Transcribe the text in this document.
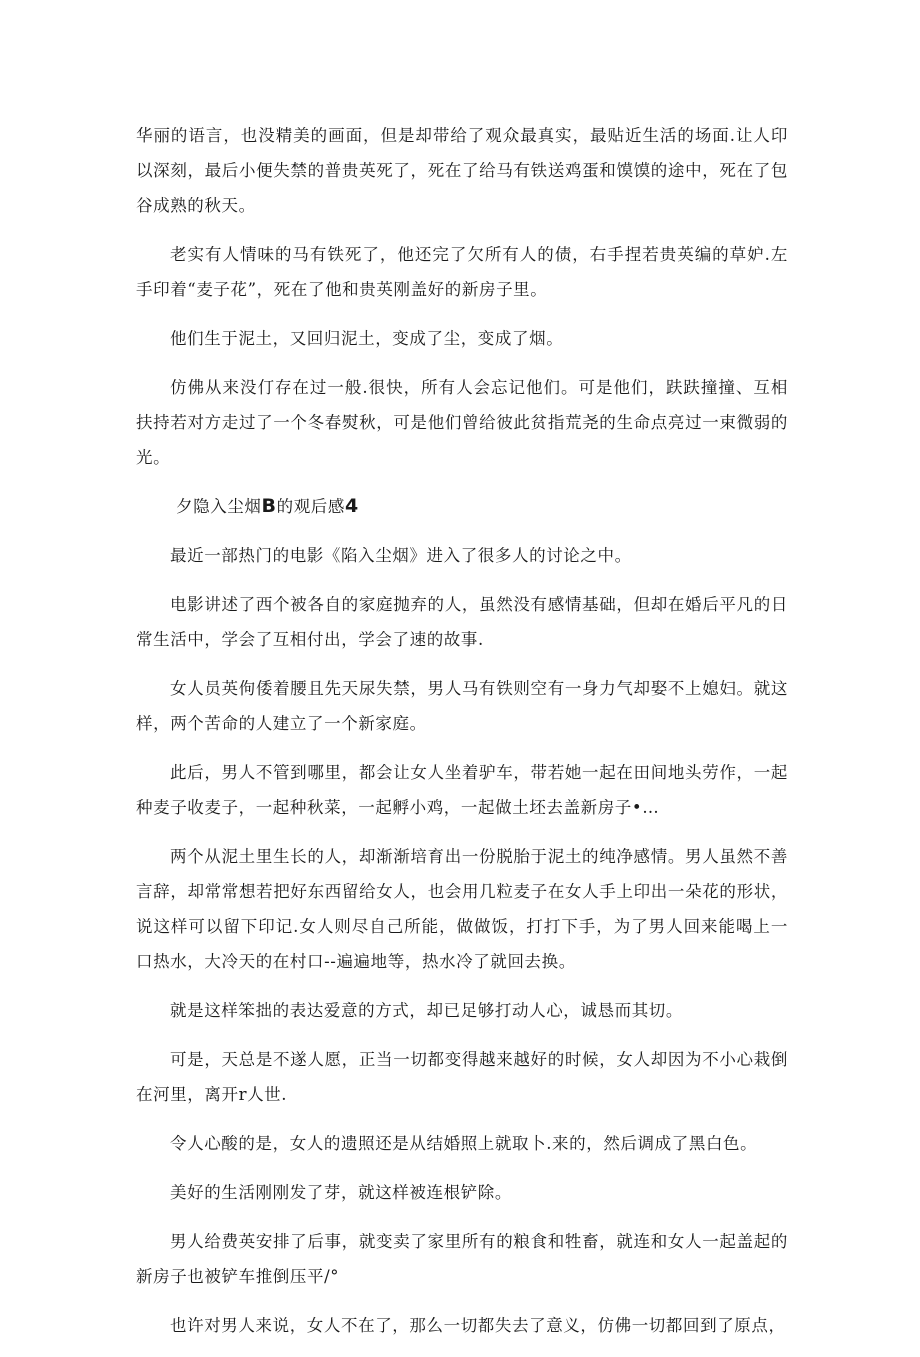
华丽的语言，也没精美的画面，但是却带给了观众最真实，最贴近生活的场面.让人印以深刻，最后小便失禁的普贵英死了，死在了给马有铁送鸡蛋和馍馍的途中，死在了包谷成熟的秋天。

老实有人情味的马有铁死了，他还完了欠所有人的债，右手捏若贵英编的草妒.左手印着“麦子花”，死在了他和贵英刚盖好的新房子里。

他们生于泥土，又回归泥土，变成了尘，变成了烟。

仿佛从来没仃存在过一般.很快，所有人会忘记他们。可是他们，趺趺撞撞、互相扶持若对方走过了一个冬春熨秋，可是他们曾给彼此贫指荒尧的生命点亮过一束微弱的光。

夕隐入尘烟B的观后感4

最近一部热门的电影《陷入尘烟》进入了很多人的讨论之中。

电影讲述了西个被各自的家庭抛弃的人，虽然没有感情基础，但却在婚后平凡的日常生活中，学会了互相付出，学会了速的故事.

女人员英佝倭着腰且先天尿失禁，男人马有铁则空有一身力气却娶不上媳妇。就这样，两个苦命的人建立了一个新家庭。

此后，男人不管到哪里，都会让女人坐着驴车，带若她一起在田间地头劳作，一起种麦子收麦子，一起种秋菜，一起孵小鸡，一起做土坯去盖新房子•…

两个从泥土里生长的人，却渐渐培育出一份脱胎于泥土的纯净感情。男人虽然不善言辞，却常常想若把好东西留给女人，也会用几粒麦子在女人手上印出一朵花的形状，说这样可以留下印记.女人则尽自己所能，做做饭，打打下手，为了男人回来能喝上一口热水，大冷天的在村口--遍遍地等，热水冷了就回去换。

就是这样笨拙的表达爱意的方式，却已足够打动人心，诚恳而其切。

可是，天总是不遂人愿，正当一切都变得越来越好的时候，女人却因为不小心栽倒在河里，离开r人世.

令人心酸的是，女人的遗照还是从结婚照上就取卜.来的，然后调成了黑白色。

美好的生活刚刚发了芽，就这样被连根铲除。

男人给费英安排了后事，就变卖了家里所有的粮食和牲畜，就连和女人一起盖起的新房子也被铲车推倒压平/°

也许对男人来说，女人不在了，那么一切都失去了意义，仿佛一切都回到了原点，
